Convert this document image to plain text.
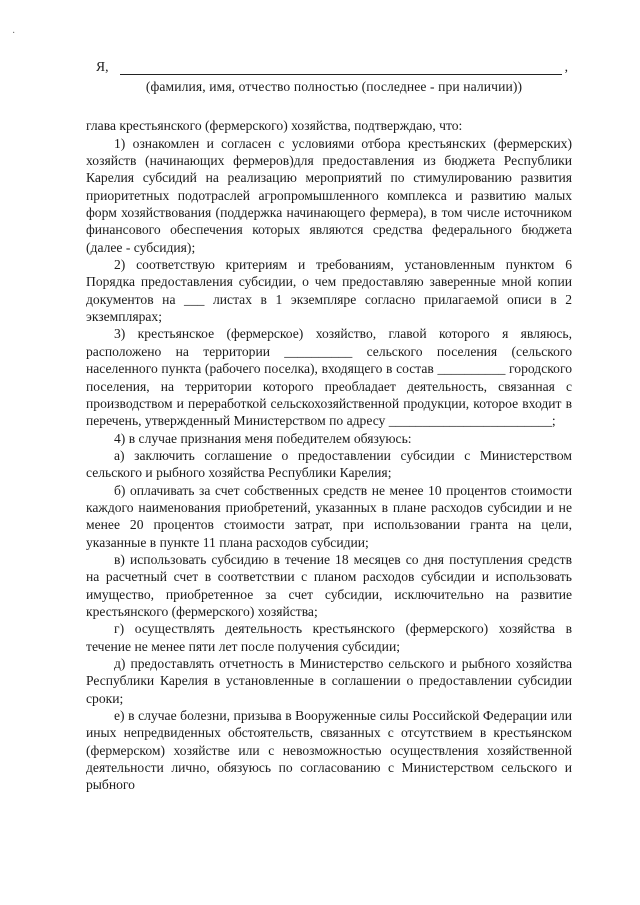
·
Я,	,
(фамилия, имя, отчество полностью (последнее - при наличии))

глава крестьянского (фермерского) хозяйства, подтверждаю, что:

1) ознакомлен и согласен с условиями отбора крестьянских (фермерских) хозяйств (начинающих фермеров)для предоставления из бюджета Республики Карелия субсидий на реализацию мероприятий по стимулированию развития приоритетных подотраслей агропромышленного комплекса и развитию малых форм хозяйствования (поддержка начинающего фермера), в том числе источником финансового обеспечения которых являются средства федерального бюджета (далее - субсидия);

2) соответствую критериям и требованиям, установленным пунктом 6 Порядка предоставления субсидии, о чем предоставляю заверенные мной копии документов на ___ листах в 1 экземпляре согласно прилагаемой описи в 2 экземплярах;

3) крестьянское (фермерское) хозяйство, главой которого я являюсь, расположено на территории __________ сельского поселения (сельского населенного пункта (рабочего поселка), входящего в состав __________ городского поселения, на территории которого преобладает деятельность, связанная с производством и переработкой сельскохозяйственной продукции, которое входит в перечень, утвержденный Министерством по адресу ________________________;

4) в случае признания меня победителем обязуюсь:

а) заключить соглашение о предоставлении субсидии с Министерством сельского и рыбного хозяйства Республики Карелия;

б) оплачивать за счет собственных средств не менее 10 процентов стоимости каждого наименования приобретений, указанных в плане расходов субсидии и не менее 20 процентов стоимости затрат, при использовании гранта на цели, указанные в пункте 11 плана расходов субсидии;

в) использовать субсидию в течение 18 месяцев со дня поступления средств на расчетный счет в соответствии с планом расходов субсидии и использовать имущество, приобретенное за счет субсидии, исключительно на развитие крестьянского (фермерского) хозяйства;

г) осуществлять деятельность крестьянского (фермерского) хозяйства в течение не менее пяти лет после получения субсидии;

д) предоставлять отчетность в Министерство сельского и рыбного хозяйства Республики Карелия в установленные в соглашении о предоставлении субсидии сроки;

е) в случае болезни, призыва в Вооруженные силы Российской Федерации или иных непредвиденных обстоятельств, связанных с отсутствием в крестьянском (фермерском) хозяйстве или с невозможностью осуществления хозяйственной деятельности лично, обязуюсь по согласованию с Министерством сельского и рыбного
